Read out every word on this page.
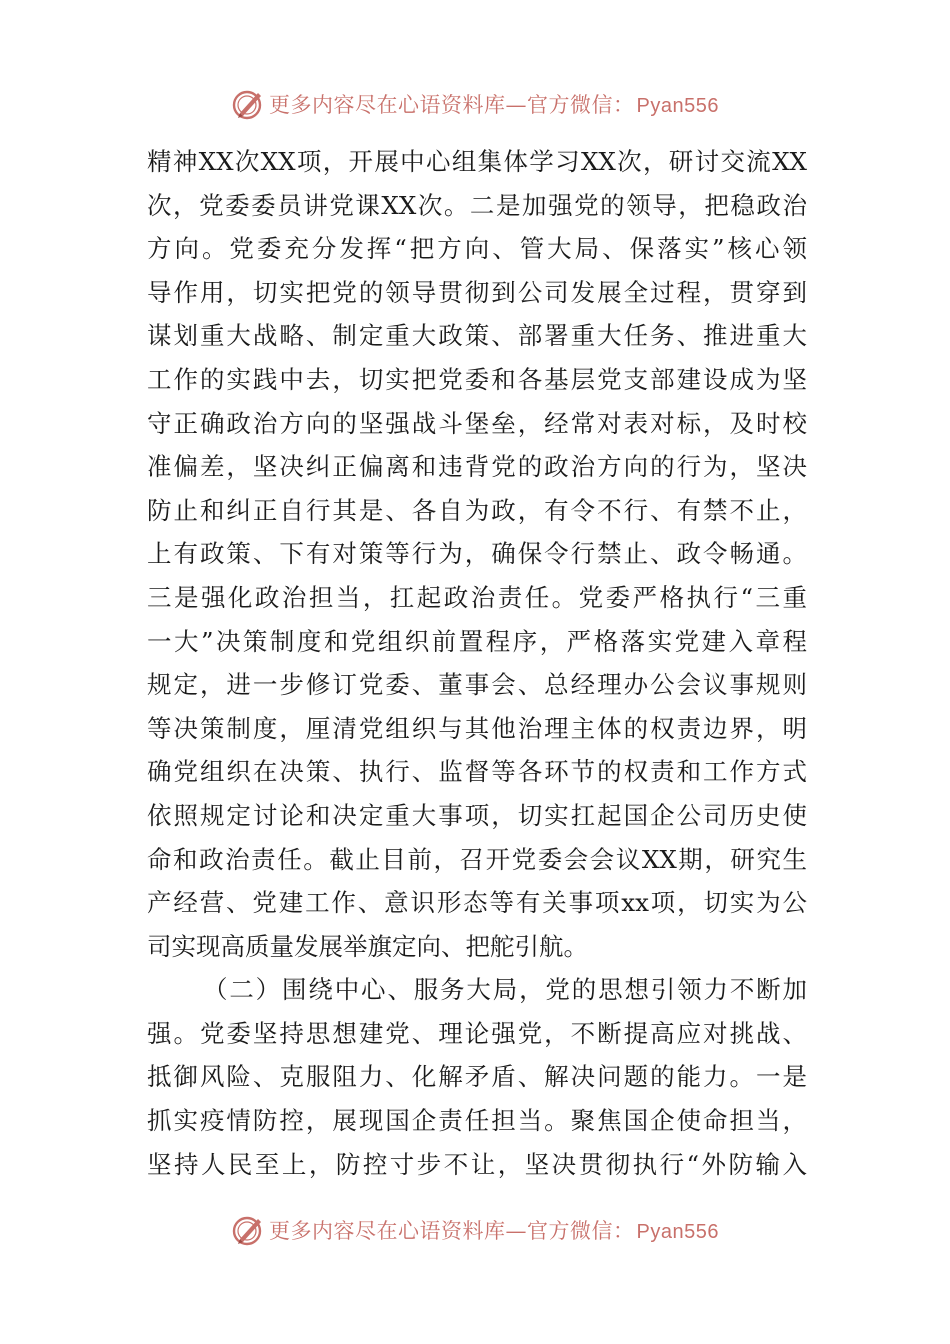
更多内容尽在心语资料库—官方微信： Pyan556
精神XX次XX项，开展中心组集体学习XX次，研讨交流XX
次，党委委员讲党课XX次。二是加强党的领导，把稳政治
方向。党委充分发挥“把方向、管大局、保落实”核心领
导作用，切实把党的领导贯彻到公司发展全过程，贯穿到
谋划重大战略、制定重大政策、部署重大任务、推进重大
工作的实践中去，切实把党委和各基层党支部建设成为坚
守正确政治方向的坚强战斗堡垒，经常对表对标，及时校
准偏差，坚决纠正偏离和违背党的政治方向的行为，坚决
防止和纠正自行其是、各自为政，有令不行、有禁不止，
上有政策、下有对策等行为，确保令行禁止、政令畅通。
三是强化政治担当，扛起政治责任。党委严格执行“三重
一大”决策制度和党组织前置程序，严格落实党建入章程
规定，进一步修订党委、董事会、总经理办公会议事规则
等决策制度，厘清党组织与其他治理主体的权责边界，明
确党组织在决策、执行、监督等各环节的权责和工作方式
依照规定讨论和决定重大事项，切实扛起国企公司历史使
命和政治责任。截止目前，召开党委会会议XX期，研究生
产经营、党建工作、意识形态等有关事项xx项，切实为公
司实现高质量发展举旗定向、把舵引航。
（二）围绕中心、服务大局，党的思想引领力不断加
强。党委坚持思想建党、理论强党，不断提高应对挑战、
抵御风险、克服阻力、化解矛盾、解决问题的能力。一是
抓实疫情防控，展现国企责任担当。聚焦国企使命担当，
坚持人民至上，防控寸步不让，坚决贯彻执行“外防输入
更多内容尽在心语资料库—官方微信： Pyan556
